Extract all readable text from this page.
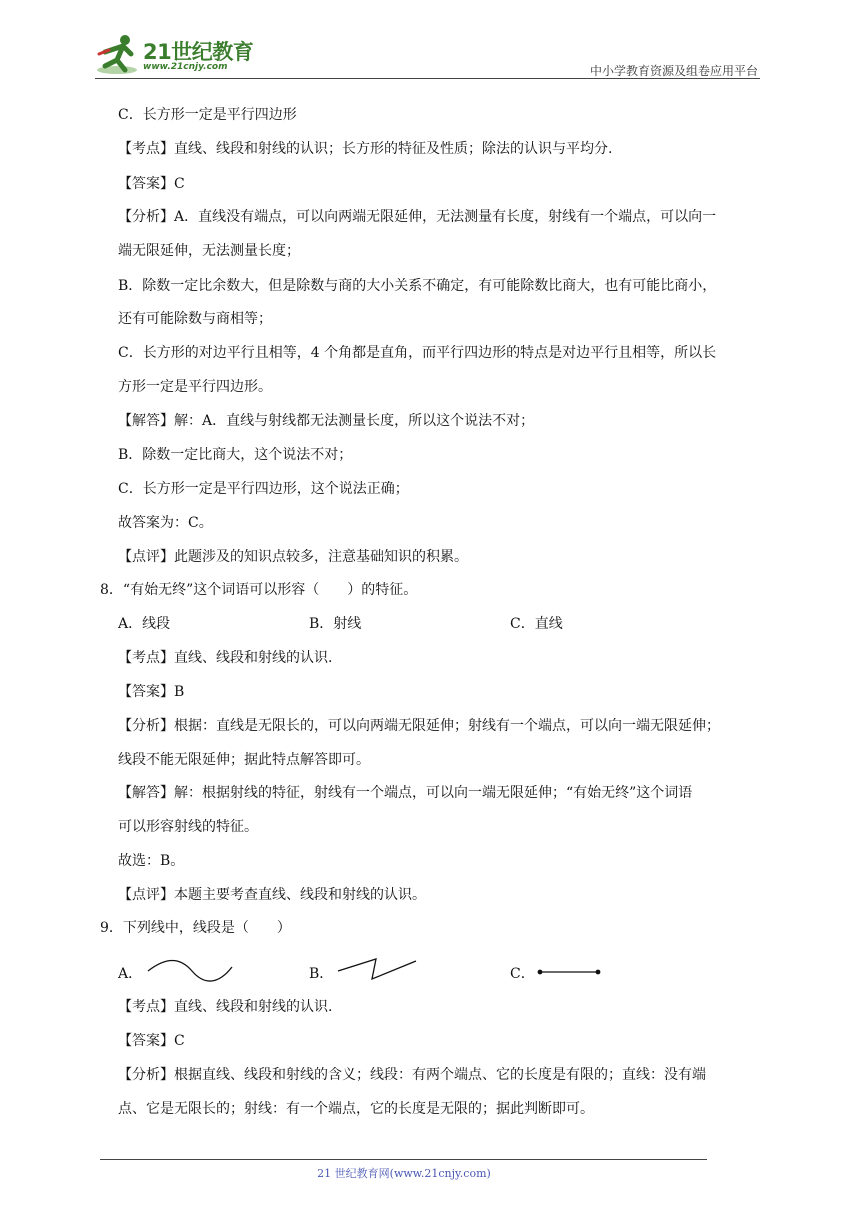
21世纪教育
www.21cnjy.com	中小学教育资源及组卷应用平台
C．长方形一定是平行四边形
【考点】直线、线段和射线的认识；长方形的特征及性质；除法的认识与平均分.
【答案】C
【分析】A．直线没有端点，可以向两端无限延伸，无法测量有长度，射线有一个端点，可以向一
端无限延伸，无法测量长度；
B．除数一定比余数大，但是除数与商的大小关系不确定，有可能除数比商大，也有可能比商小，
还有可能除数与商相等；
C．长方形的对边平行且相等，4 个角都是直角，而平行四边形的特点是对边平行且相等，所以长
方形一定是平行四边形。
【解答】解：A．直线与射线都无法测量长度，所以这个说法不对；
B．除数一定比商大，这个说法不对；
C．长方形一定是平行四边形，这个说法正确；
故答案为：C。
【点评】此题涉及的知识点较多，注意基础知识的积累。
8．“有始无终”这个词语可以形容（　　）的特征。
A．线段	B．射线	C．直线
【考点】直线、线段和射线的认识.
【答案】B
【分析】根据：直线是无限长的，可以向两端无限延伸；射线有一个端点，可以向一端无限延伸；
线段不能无限延伸；据此特点解答即可。
【解答】解：根据射线的特征，射线有一个端点，可以向一端无限延伸；“有始无终”这个词语
可以形容射线的特征。
故选：B。
【点评】本题主要考查直线、线段和射线的认识。
9．下列线中，线段是（　　）
A．	B．	C．
【考点】直线、线段和射线的认识.
【答案】C
【分析】根据直线、线段和射线的含义；线段：有两个端点、它的长度是有限的；直线：没有端
点、它是无限长的；射线：有一个端点，它的长度是无限的；据此判断即可。
21 世纪教育网(www.21cnjy.com)
